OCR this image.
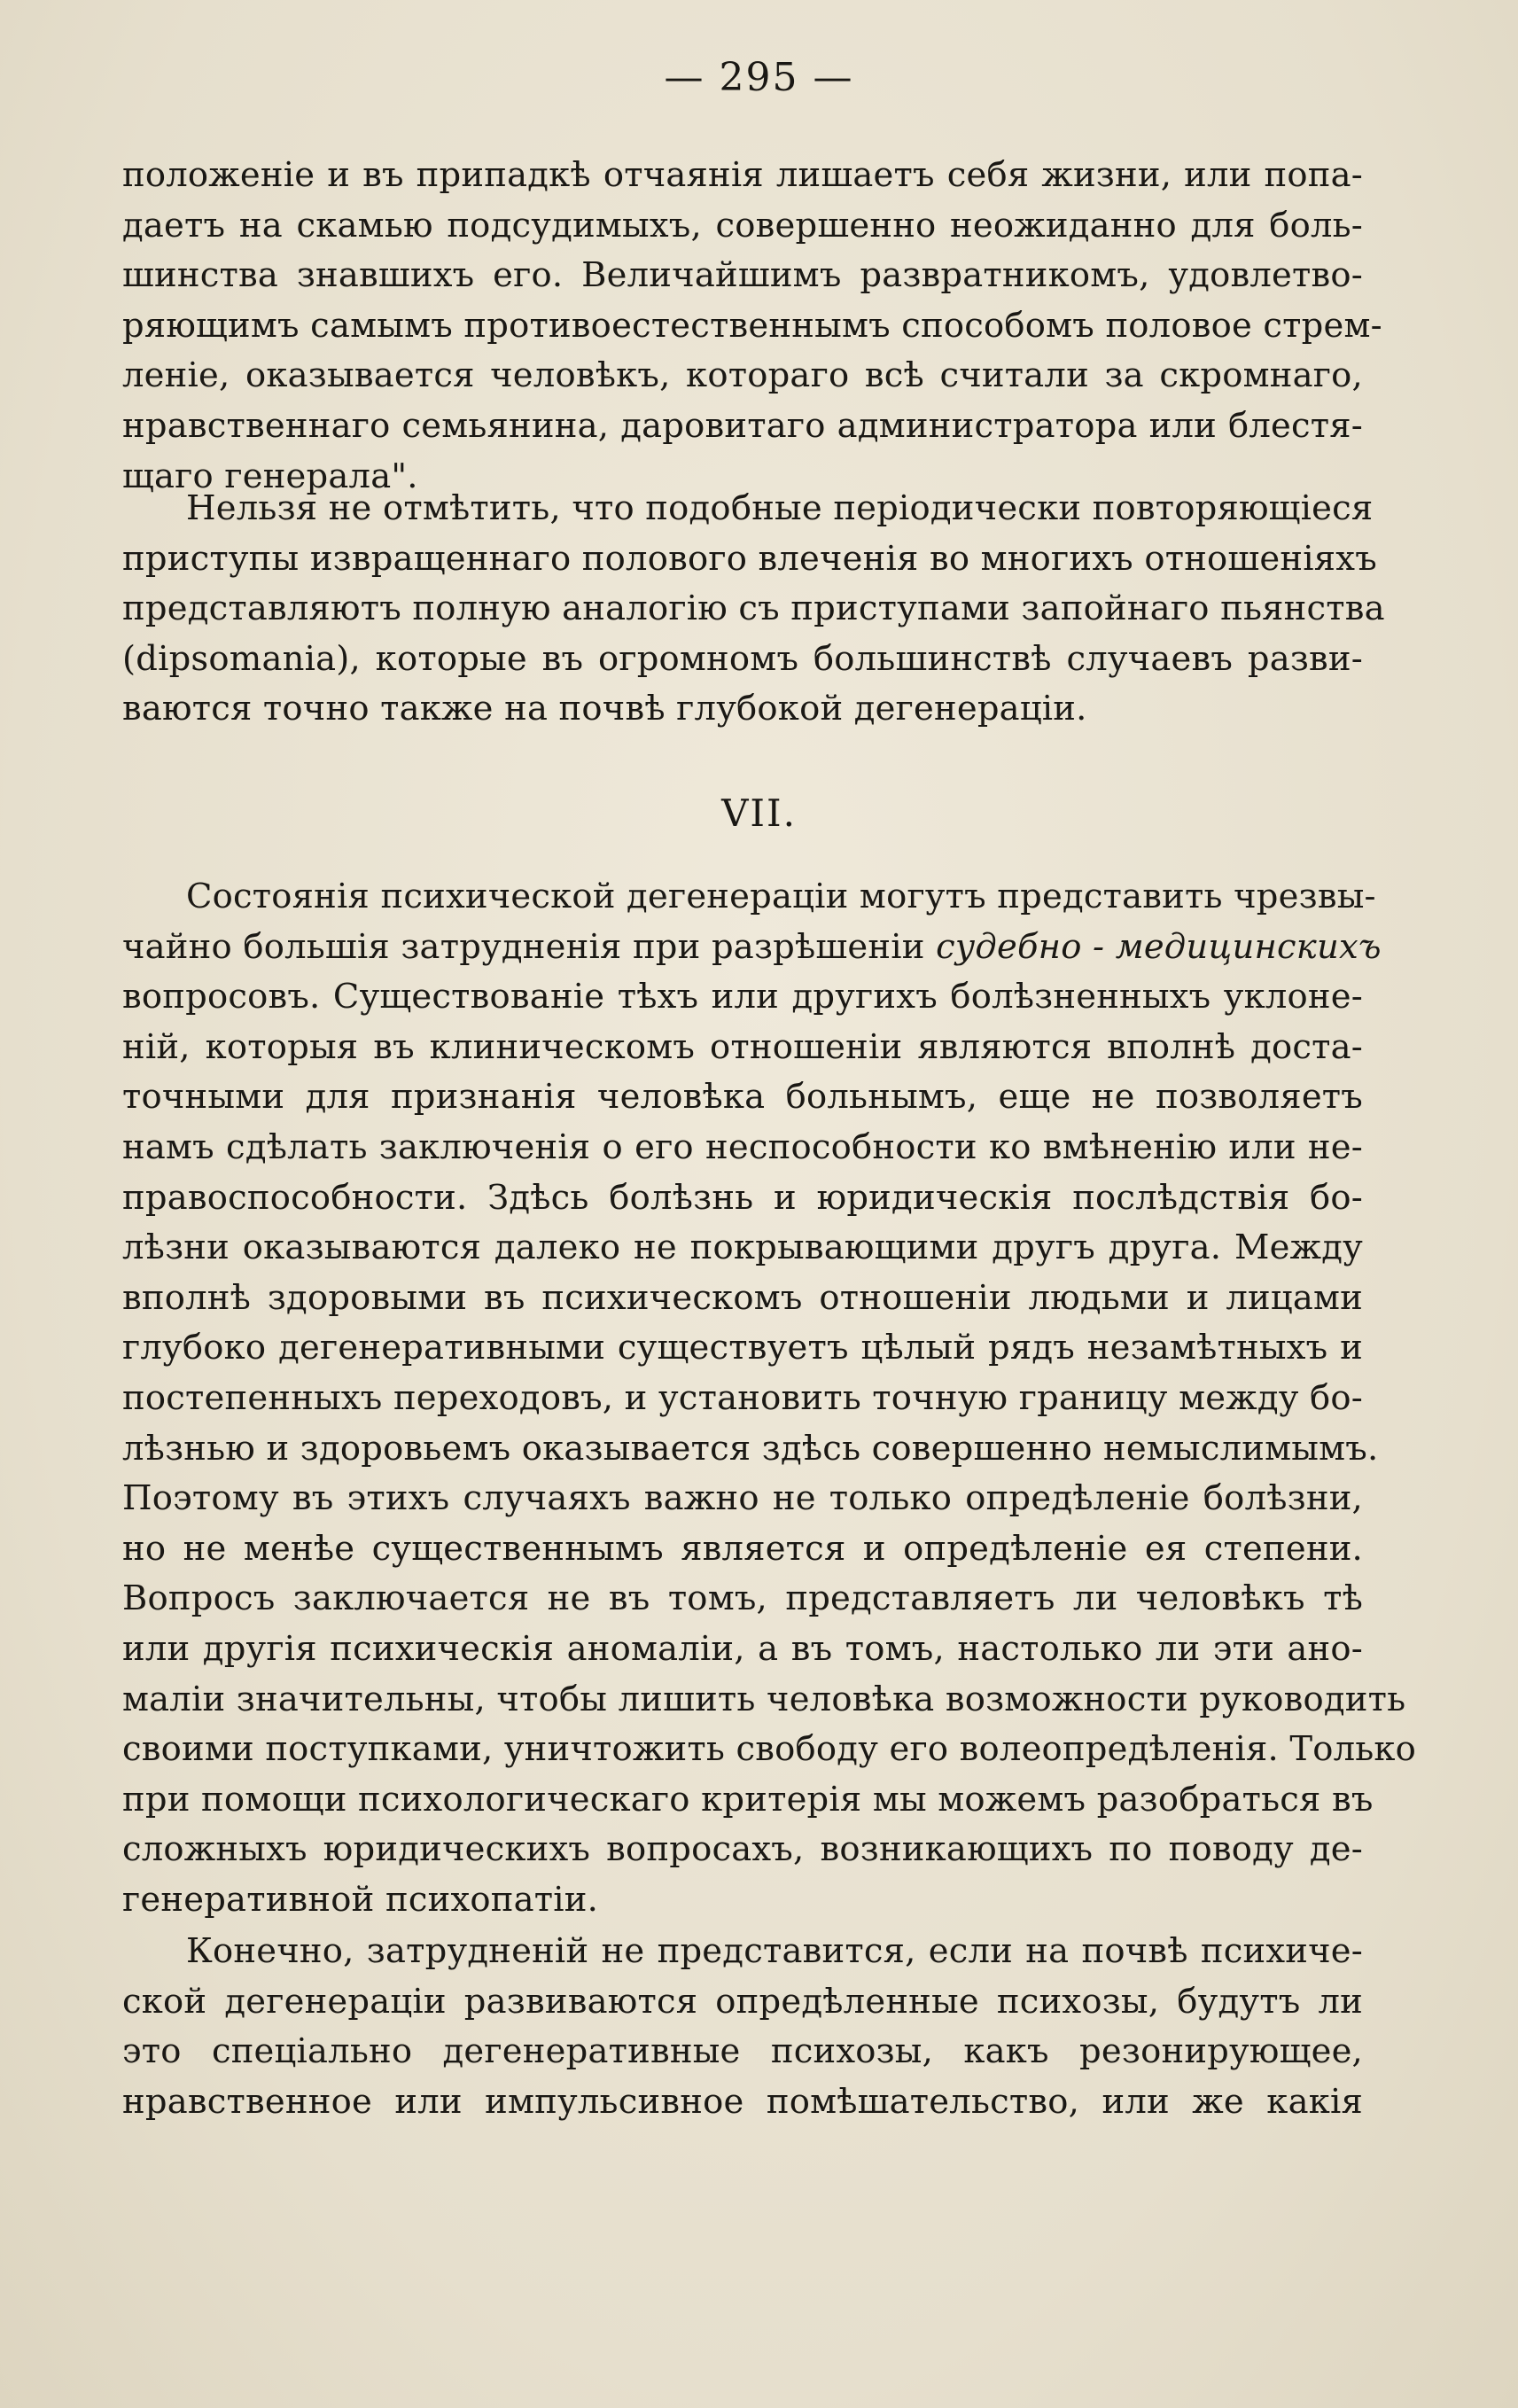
— 295 —
положеніе и въ припадкѣ отчаянія лишаетъ себя жизни, или попа-
даетъ на скамью подсудимыхъ, совершенно неожиданно для боль-
шинства знавшихъ его. Величайшимъ развратникомъ, удовлетво-
ряющимъ самымъ противоестественнымъ способомъ половое стрем-
леніе, оказывается человѣкъ, котораго всѣ считали за скромнаго,
нравственнаго семьянина, даровитаго администратора или блестя-
щаго генерала".
Нельзя не отмѣтить, что подобные періодически повторяющіеся
приступы извращеннаго полового влеченія во многихъ отношеніяхъ
представляютъ полную аналогію съ приступами запойнаго пьянства
(dipsomania), которые въ огромномъ большинствѣ случаевъ разви-
ваются точно также на почвѣ глубокой дегенераціи.
VII.
Состоянія психической дегенераціи могутъ представить чрезвы-
чайно большія затрудненія при разрѣшеніи судебно - медицинскихъ
вопросовъ. Существованіе тѣхъ или другихъ болѣзненныхъ уклоне-
ній, которыя въ клиническомъ отношеніи являются вполнѣ доста-
точными для признанія человѣка больнымъ, еще не позволяетъ
намъ сдѣлать заключенія о его неспособности ко вмѣненію или не-
правоспособности. Здѣсь болѣзнь и юридическія послѣдствія бо-
лѣзни оказываются далеко не покрывающими другъ друга. Между
вполнѣ здоровыми въ психическомъ отношеніи людьми и лицами
глубоко дегенеративными существуетъ цѣлый рядъ незамѣтныхъ и
постепенныхъ переходовъ, и установить точную границу между бо-
лѣзнью и здоровьемъ оказывается здѣсь совершенно немыслимымъ.
Поэтому въ этихъ случаяхъ важно не только опредѣленіе болѣзни,
но не менѣе существеннымъ является и опредѣленіе ея степени.
Вопросъ заключается не въ томъ, представляетъ ли человѣкъ тѣ
или другія психическія аномаліи, а въ томъ, настолько ли эти ано-
маліи значительны, чтобы лишить человѣка возможности руководить
своими поступками, уничтожить свободу его волеопредѣленія. Только
при помощи психологическаго критерія мы можемъ разобраться въ
сложныхъ юридическихъ вопросахъ, возникающихъ по поводу де-
генеративной психопатіи.
Конечно, затрудненій не представится, если на почвѣ психиче-
ской дегенераціи развиваются опредѣленные психозы, будутъ ли
это спеціально дегенеративные психозы, какъ резонирующее,
нравственное или импульсивное помѣшательство, или же какія
